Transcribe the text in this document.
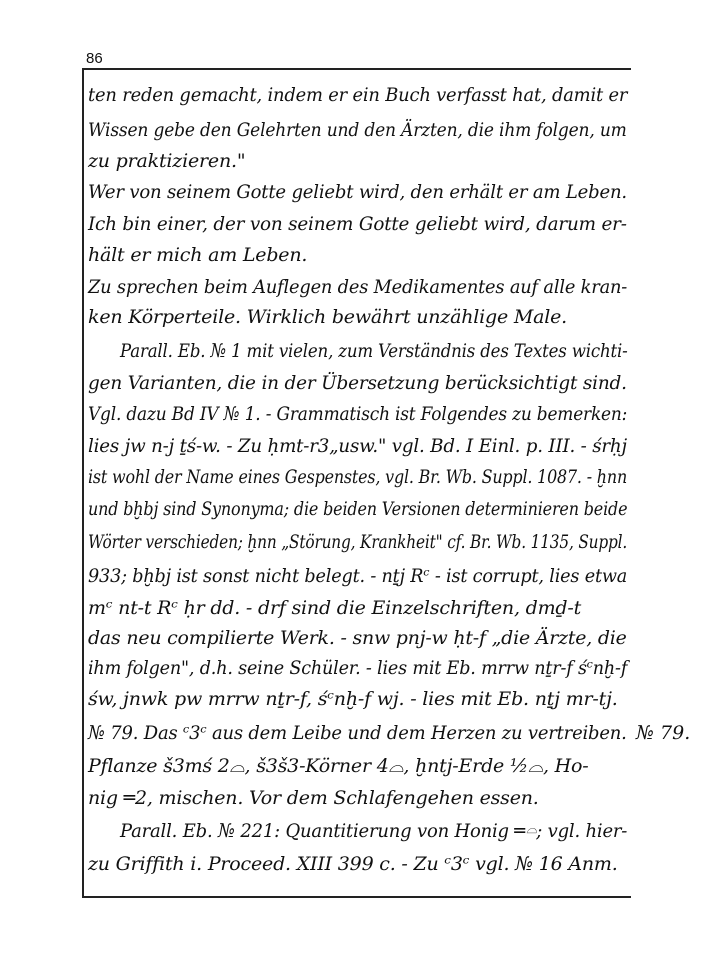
86
ten reden gemacht, indem er ein Buch verfasst hat, damit er
Wissen gebe den Gelehrten und den Ärzten, die ihm folgen, um
zu praktizieren."
Wer von seinem Gotte geliebt wird, den erhält er am Leben.
Ich bin einer, der von seinem Gotte geliebt wird, darum er-
hält er mich am Leben.
Zu sprechen beim Auflegen des Medikamentes auf alle kran-
ken Körperteile. Wirklich bewährt unzählige Male.
Parall. Eb. № 1 mit vielen, zum Verständnis des Textes wichti-
gen Varianten, die in der Übersetzung berücksichtigt sind.
Vgl. dazu Bd IV № 1. - Grammatisch ist Folgendes zu bemerken:
lies jw n-j ṯś-w. - Zu ḥmt-r3„usw." vgl. Bd. I Einl. p. III. - śrḥj
ist wohl der Name eines Gespenstes, vgl. Br. Wb. Suppl. 1087. - ḫnn
und bḫbj sind Synonyma; die beiden Versionen determinieren beide
Wörter verschieden; ḫnn „Störung, Krankheit" cf. Br. Wb. 1135, Suppl.
933; bḫbj ist sonst nicht belegt. - nṯj Rᶜ - ist corrupt, lies etwa
mᶜ nt-t Rᶜ ḥr dd. - drf sind die Einzelschriften, dmḏ-t
das neu compilierte Werk. - snw pnj-w ḥt-f „die Ärzte, die
ihm folgen", d.h. seine Schüler. - lies mit Eb. mrrw nṯr-f śᶜnḫ-f
św, jnwk pw mrrw nṯr-f, śᶜnḫ-f wj. - lies mit Eb. nṯj mr-tj.
№ 79. Das ᶜ3ᶜ aus dem Leibe und dem Herzen zu vertreiben.
Pflanze š3mś 2⌓, š3š3-Körner 4⌓, ḫntj-Erde ½⌓, Ho-
nig ═2, mischen. Vor dem Schlafengehen essen.
Parall. Eb. № 221: Quantitierung von Honig ═𓏏; vgl. hier-
zu Griffith i. Proceed. XIII 399 c. - Zu ᶜ3ᶜ vgl. № 16 Anm.
№ 79.
